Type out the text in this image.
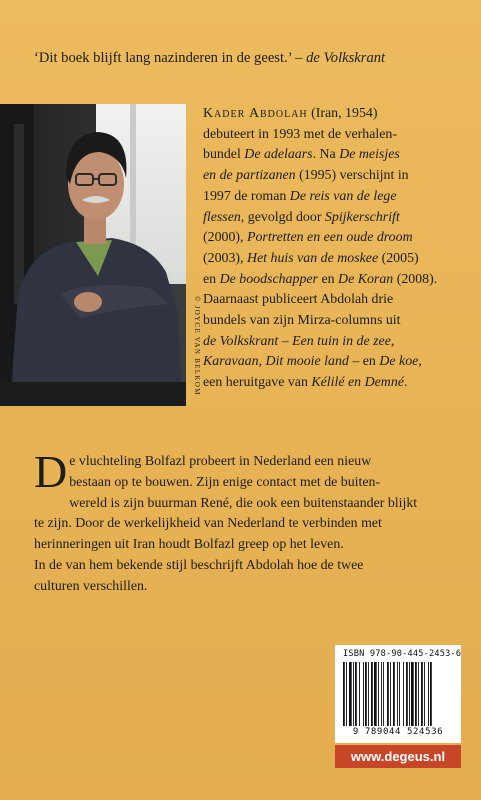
‘Dit boek blijft lang nazinderen in de geest.’ – de Volkskrant
© JOYCE VAN BELKOM

Kader Abdolah (Iran, 1954)

debuteert in 1993 met de verhalen-

bundel De adelaars. Na De meisjes

en de partizanen (1995) verschijnt in

1997 de roman De reis van de lege

flessen, gevolgd door Spijkerschrift

(2000), Portretten en een oude droom

(2003), Het huis van de moskee (2005)

en De boodschapper en De Koran (2008).

Daarnaast publiceert Abdolah drie

bundels van zijn Mirza-columns uit

de Volkskrant – Een tuin in de zee,

Karavaan, Dit mooie land – en De koe,

een heruitgave van Kélilé en Demné.

D e vluchteling Bolfazl probeert in Nederland een nieuw

bestaan op te bouwen. Zijn enige contact met de buiten-

wereld is zijn buurman René, die ook een buitenstaander blijkt

te zijn. Door de werkelijkheid van Nederland te verbinden met

herinneringen uit Iran houdt Bolfazl greep op het leven.

In de van hem bekende stijl beschrijft Abdolah hoe de twee

culturen verschillen.

ISBN 978-90-445-2453-6
9 789044 524536
www.degeus.nl
